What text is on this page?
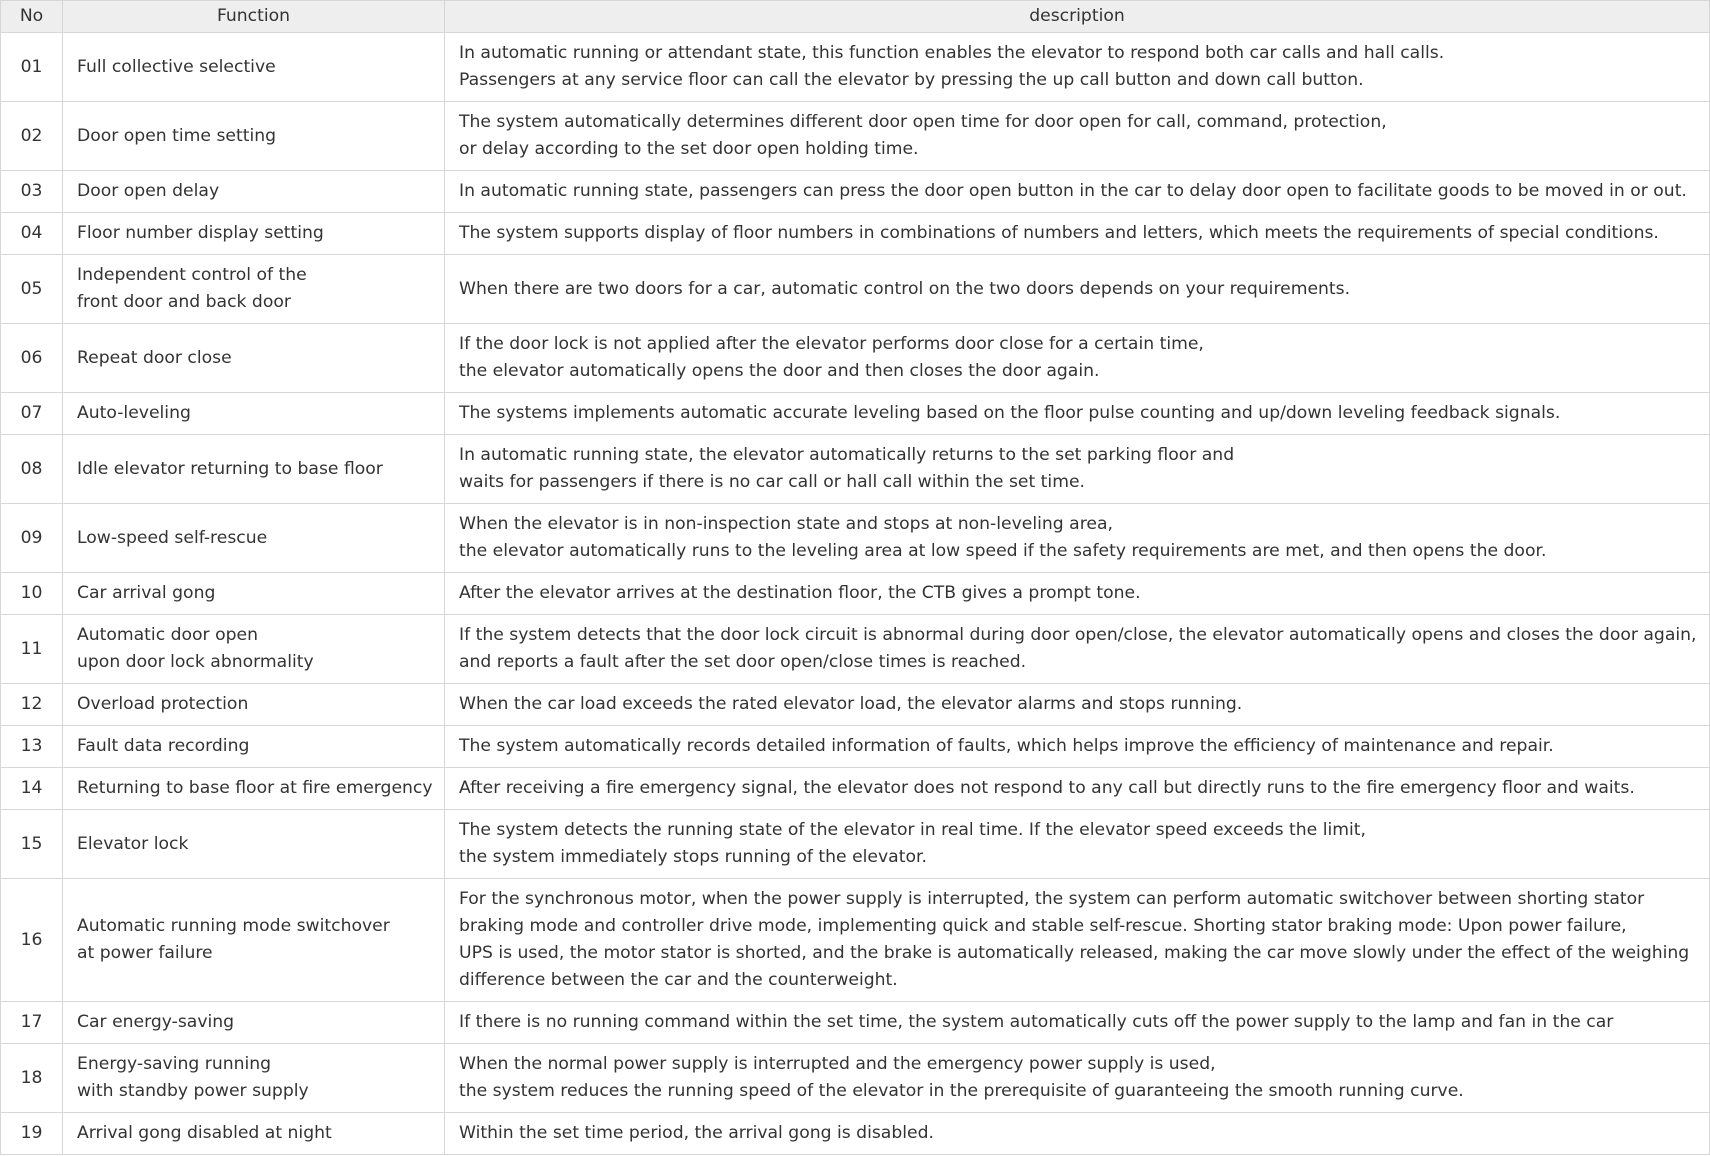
No	Function	description
01	Full collective selective	In automatic running or attendant state, this function enables the elevator to respond both car calls and hall calls.
Passengers at any service floor can call the elevator by pressing the up call button and down call button.

02	Door open time setting	The system automatically determines different door open time for door open for call, command, protection,
or delay according to the set door open holding time.

03	Door open delay	In automatic running state, passengers can press the door open button in the car to delay door open to facilitate goods to be moved in or out.

04	Floor number display setting	The system supports display of floor numbers in combinations of numbers and letters, which meets the requirements of special conditions.

05	Independent control of the
front door and back door	When there are two doors for a car, automatic control on the two doors depends on your requirements.

06	Repeat door close	If the door lock is not applied after the elevator performs door close for a certain time,
the elevator automatically opens the door and then closes the door again.

07	Auto-leveling	The systems implements automatic accurate leveling based on the floor pulse counting and up/down leveling feedback signals.

08	Idle elevator returning to base floor	In automatic running state, the elevator automatically returns to the set parking floor and
waits for passengers if there is no car call or hall call within the set time.

09	Low-speed self-rescue	When the elevator is in non-inspection state and stops at non-leveling area,
the elevator automatically runs to the leveling area at low speed if the safety requirements are met, and then opens the door.

10	Car arrival gong	After the elevator arrives at the destination floor, the CTB gives a prompt tone.

11	Automatic door open
upon door lock abnormality	If the system detects that the door lock circuit is abnormal during door open/close, the elevator automatically opens and closes the door again,
and reports a fault after the set door open/close times is reached.

12	Overload protection	When the car load exceeds the rated elevator load, the elevator alarms and stops running.

13	Fault data recording	The system automatically records detailed information of faults, which helps improve the efficiency of maintenance and repair.

14	Returning to base floor at fire emergency	After receiving a fire emergency signal, the elevator does not respond to any call but directly runs to the fire emergency floor and waits.

15	Elevator lock	The system detects the running state of the elevator in real time. If the elevator speed exceeds the limit,
the system immediately stops running of the elevator.

16	Automatic running mode switchover
at power failure	For the synchronous motor, when the power supply is interrupted, the system can perform automatic switchover between shorting stator
braking mode and controller drive mode, implementing quick and stable self-rescue. Shorting stator braking mode: Upon power failure,
UPS is used, the motor stator is shorted, and the brake is automatically released, making the car move slowly under the effect of the weighing
difference between the car and the counterweight.

17	Car energy-saving	If there is no running command within the set time, the system automatically cuts off the power supply to the lamp and fan in the car

18	Energy-saving running
with standby power supply	When the normal power supply is interrupted and the emergency power supply is used,
the system reduces the running speed of the elevator in the prerequisite of guaranteeing the smooth running curve.

19	Arrival gong disabled at night	Within the set time period, the arrival gong is disabled.
